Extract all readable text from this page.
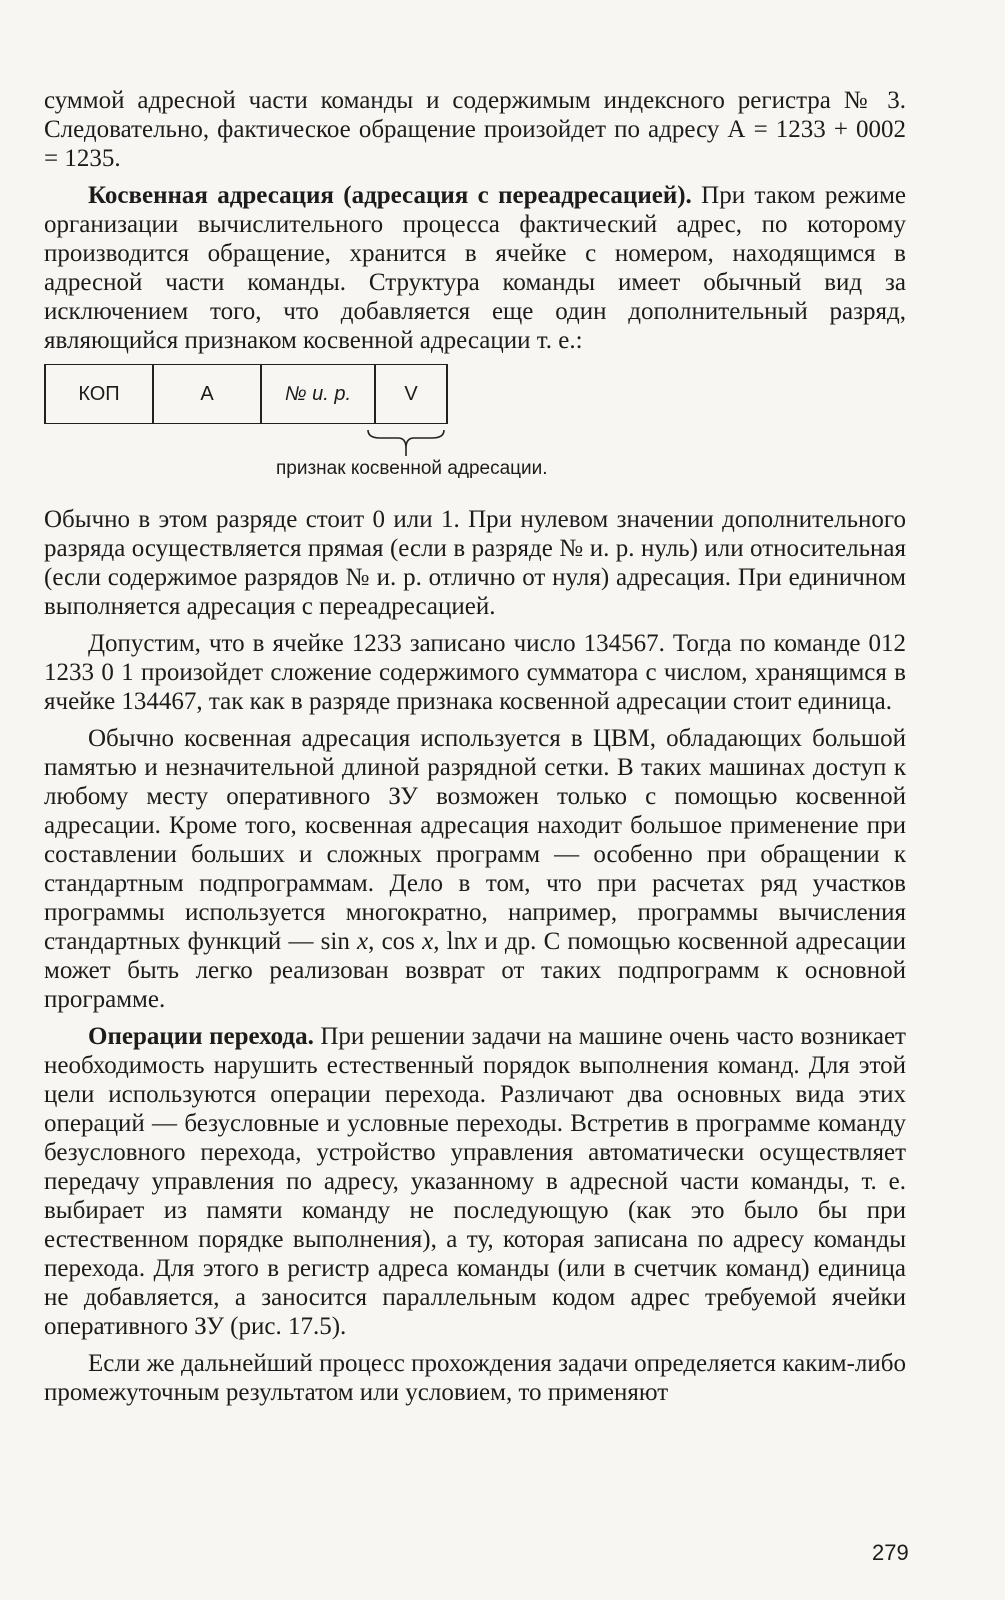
суммой адресной части команды и содержимым индексного регистра № 3. Следовательно, фактическое обращение произойдет по адресу А = 1233 + 0002 = 1235.

Косвенная адресация (адресация с переадресацией). При таком режиме организации вычислительного процесса фактический адрес, по которому производится обращение, хранится в ячейке с номером, находящимся в адресной части команды. Структура команды имеет обычный вид за исключением того, что добавляется еще один дополнительный разряд, являющийся признаком косвенной адресации т. е.:

КОП	А	№ и. р.	V
признак косвенной адресации.

Обычно в этом разряде стоит 0 или 1. При нулевом значении дополнительного разряда осуществляется прямая (если в разряде № и. р. нуль) или относительная (если содержимое разрядов № и. р. отлично от нуля) адресация. При единичном выполняется адресация с переадресацией.

Допустим, что в ячейке 1233 записано число 134567. Тогда по команде 012 1233 0 1 произойдет сложение содержимого сумматора с числом, хранящимся в ячейке 134467, так как в разряде признака косвенной адресации стоит единица.

Обычно косвенная адресация используется в ЦВМ, обладающих большой памятью и незначительной длиной разрядной сетки. В таких машинах доступ к любому месту оперативного ЗУ возможен только с помощью косвенной адресации. Кроме того, косвенная адресация находит большое применение при составлении больших и сложных программ — особенно при обращении к стандартным подпрограммам. Дело в том, что при расчетах ряд участков программы используется многократно, например, программы вычисления стандартных функций — sin x, cos x, lnx и др. С помощью косвенной адресации может быть легко реализован возврат от таких подпрограмм к основной программе.

Операции перехода. При решении задачи на машине очень часто возникает необходимость нарушить естественный порядок выполнения команд. Для этой цели используются операции перехода. Различают два основных вида этих операций — безусловные и условные переходы. Встретив в программе команду безусловного перехода, устройство управления автоматически осуществляет передачу управления по адресу, указанному в адресной части команды, т. е. выбирает из памяти команду не последующую (как это было бы при естественном порядке выполнения), а ту, которая записана по адресу команды перехода. Для этого в регистр адреса команды (или в счетчик команд) единица не добавляется, а заносится параллельным кодом адрес требуемой ячейки оперативного ЗУ (рис. 17.5).

Если же дальнейший процесс прохождения задачи определяется каким-либо промежуточным результатом или условием, то применяют

279
